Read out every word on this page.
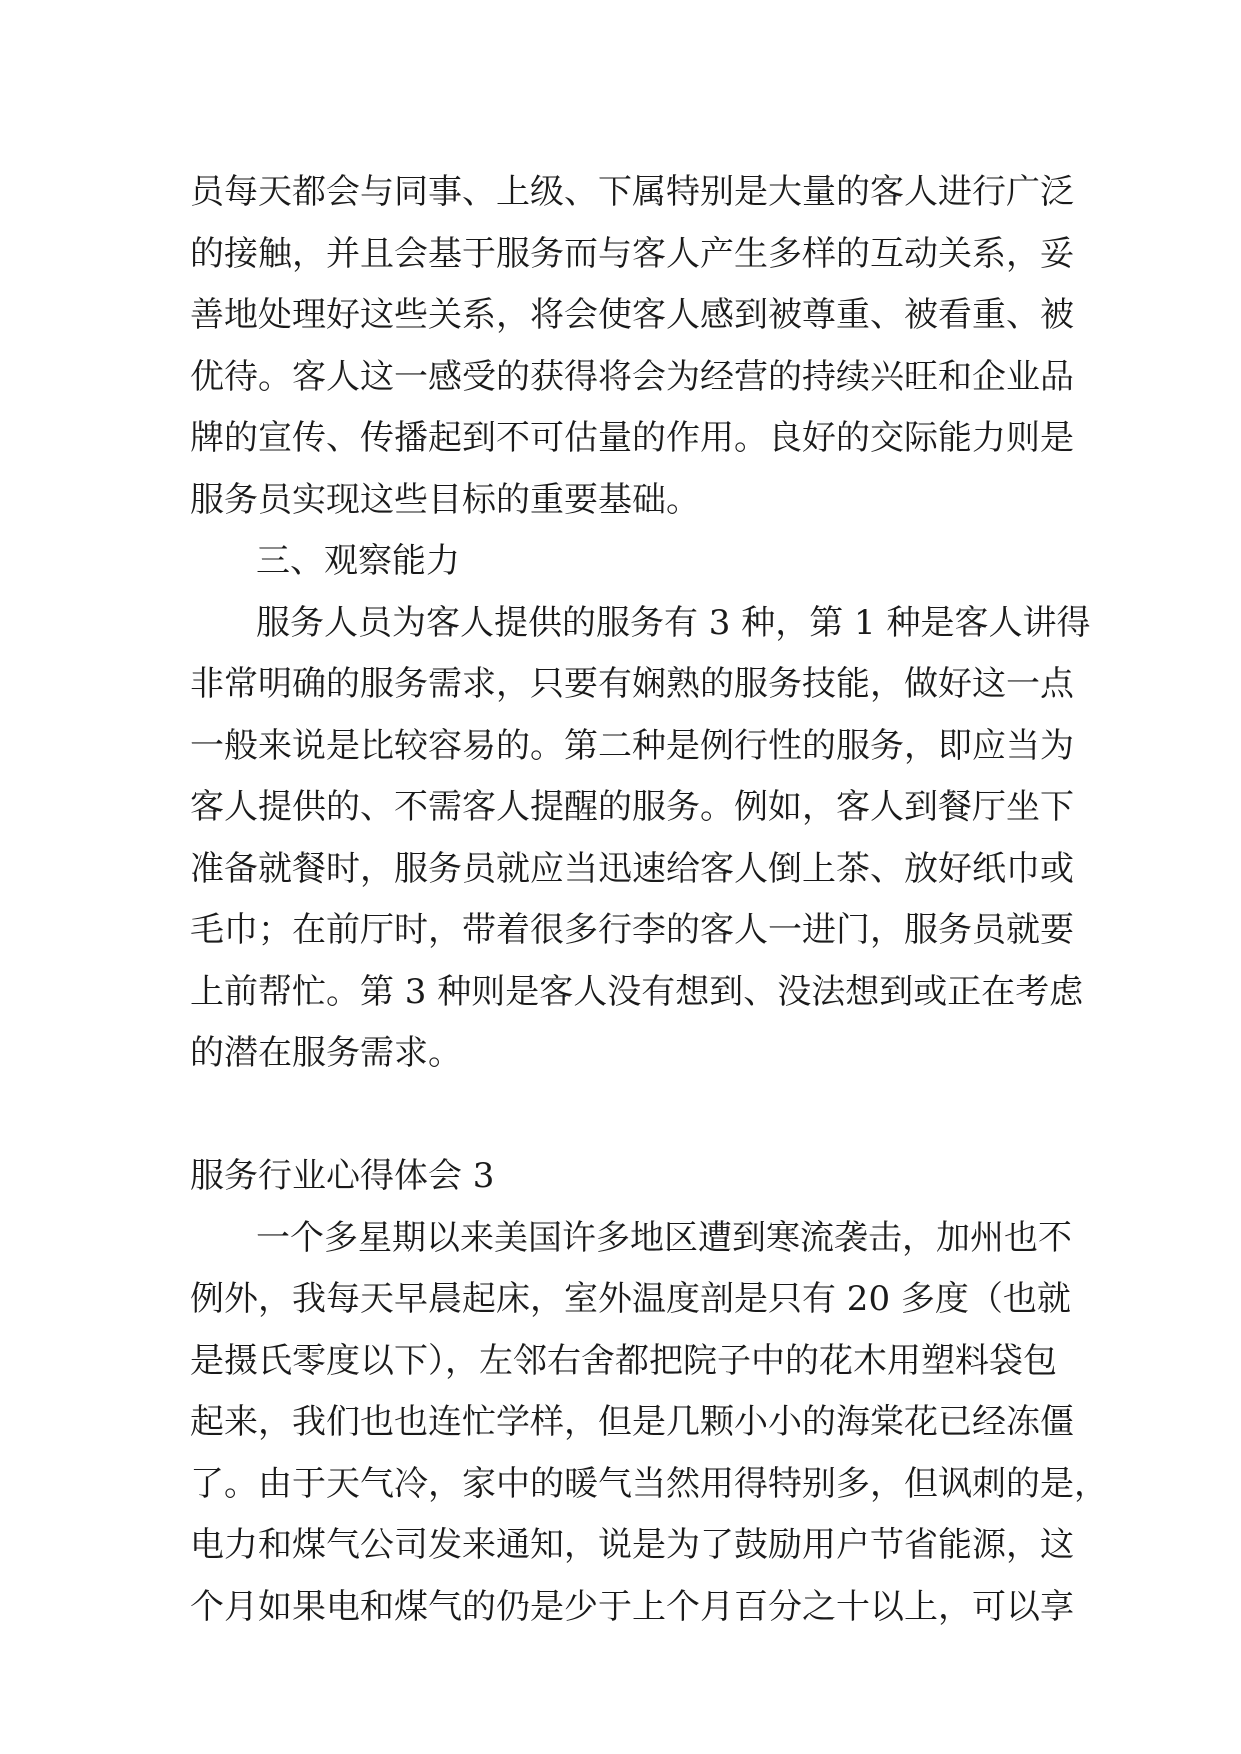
员每天都会与同事、上级、下属特别是大量的客人进行广泛
的接触，并且会基于服务而与客人产生多样的互动关系，妥
善地处理好这些关系，将会使客人感到被尊重、被看重、被
优待。客人这一感受的获得将会为经营的持续兴旺和企业品
牌的宣传、传播起到不可估量的作用。良好的交际能力则是
服务员实现这些目标的重要基础。
三、观察能力
服务人员为客人提供的服务有 3 种，第 1 种是客人讲得
非常明确的服务需求，只要有娴熟的服务技能，做好这一点
一般来说是比较容易的。第二种是例行性的服务，即应当为
客人提供的、不需客人提醒的服务。例如，客人到餐厅坐下
准备就餐时，服务员就应当迅速给客人倒上茶、放好纸巾或
毛巾；在前厅时，带着很多行李的客人一进门，服务员就要
上前帮忙。第 3 种则是客人没有想到、没法想到或正在考虑
的潜在服务需求。
服务行业心得体会 3
一个多星期以来美国许多地区遭到寒流袭击，加州也不
例外，我每天早晨起床，室外温度剖是只有 20 多度（也就
是摄氏零度以下），左邻右舍都把院子中的花木用塑料袋包
起来，我们也也连忙学样，但是几颗小小的海棠花已经冻僵
了。由于天气冷，家中的暖气当然用得特别多，但讽刺的是，
电力和煤气公司发来通知，说是为了鼓励用户节省能源，这
个月如果电和煤气的仍是少于上个月百分之十以上，可以享
